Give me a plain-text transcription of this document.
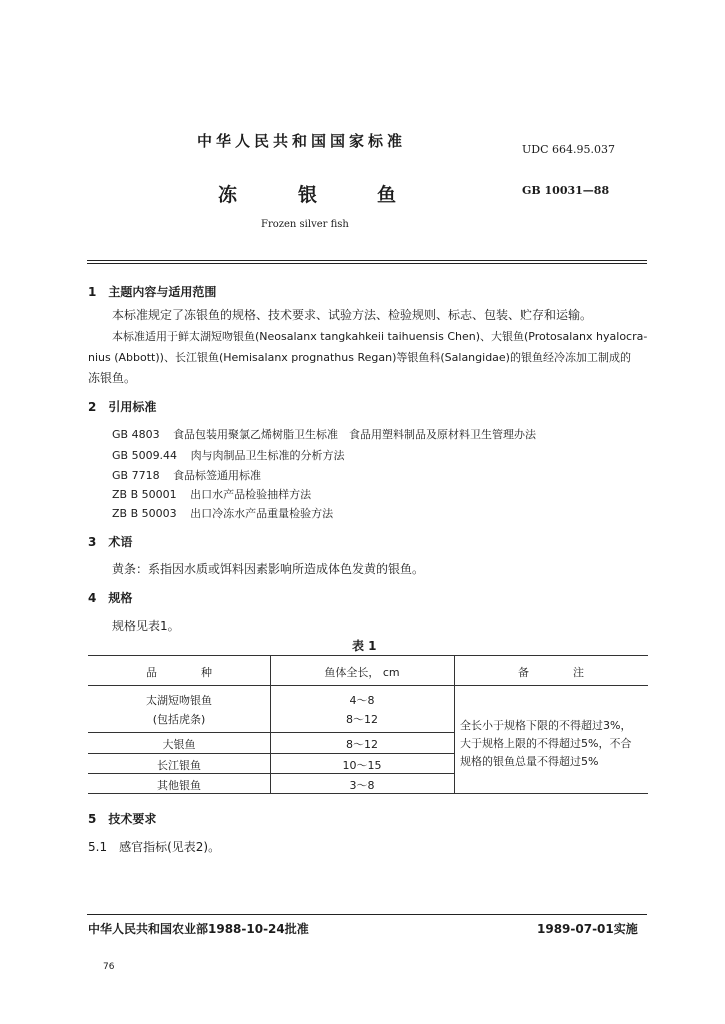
中华人民共和国国家标准	UDC 664.95.037
冻	银	鱼	GB 10031—88
Frozen silver fish
1　主题内容与适用范围

本标准规定了冻银鱼的规格、技术要求、试验方法、检验规则、标志、包装、贮存和运输。

本标准适用于鲜太湖短吻银鱼(Neosalanx tangkahkeii taihuensis Chen)、大银鱼(Protosalanx hyalocra-

nius (Abbott))、长江银鱼(Hemisalanx prognathus Regan)等银鱼科(Salangidae)的银鱼经冷冻加工制成的

冻银鱼。

2　引用标准
GB 4803 食品包装用聚氯乙烯树脂卫生标准　食品用塑料制品及原材料卫生管理办法
GB 5009.44 肉与肉制品卫生标准的分析方法
GB 7718 食品标签通用标准
ZB B 50001 出口水产品检验抽样方法
ZB B 50003 出口冷冻水产品重量检验方法
3　术语
黄条：系指因水质或饵料因素影响所造成体色发黄的银鱼。
4　规格
规格见表1。
表 1
品　　　　种	鱼体全长， cm	备　　　　注
太湖短吻银鱼	4～8
(包括虎条)	8～12
大银鱼	8～12
长江银鱼	10～15
其他银鱼	3～8
全长小于规格下限的不得超过3%，
大于规格上限的不得超过5%，不合
规格的银鱼总量不得超过5%
5　技术要求
5.1　感官指标(见表2)。
中华人民共和国农业部1988-10-24批准	1989-07-01实施
76
